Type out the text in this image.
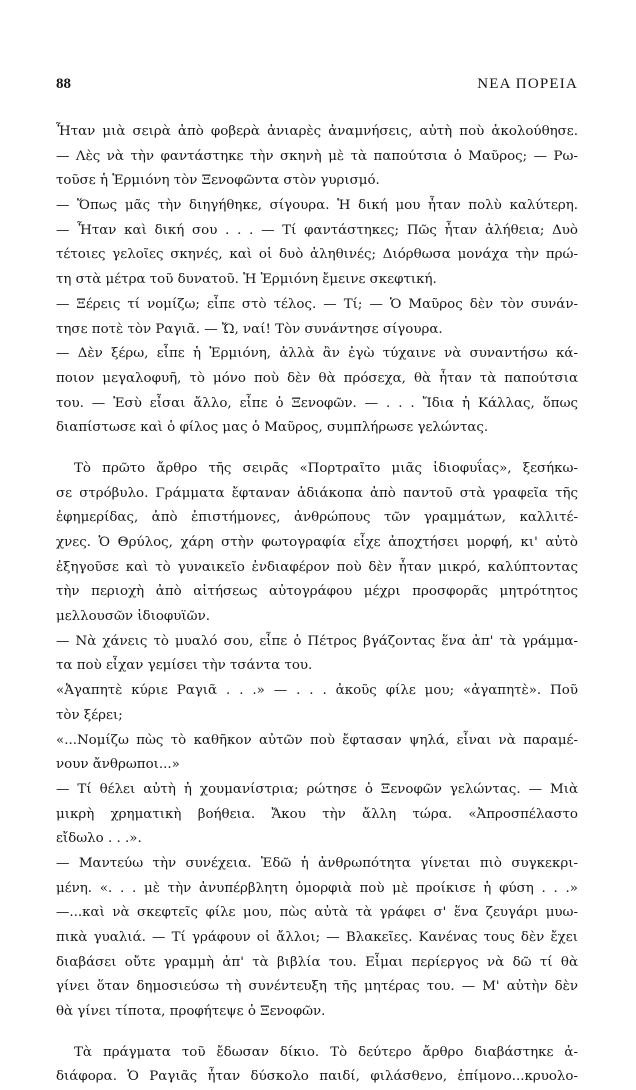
88	ΝΕΑ ΠΟΡΕΙΑ
Ἦταν μιὰ σειρὰ ἀπὸ φοβερὰ ἀνιαρὲς ἀναμνήσεις, αὐτὴ ποὺ ἀκολούθησε.
— Λὲς νὰ τὴν φαντάστηκε τὴν σκηνὴ μὲ τὰ παπούτσια ὁ Μαῦρος; — Ρω-
τοῦσε ἡ Ἑρμιόνη τὸν Ξενοφῶντα στὸν γυρισμό.
— Ὅπως μᾶς τὴν διηγήθηκε, σίγουρα. Ἡ δική μου ἦταν πολὺ καλύτερη.
— Ἦταν καὶ δική σου . . . — Τί φαντάστηκες; Πῶς ἦταν ἀλήθεια; Δυὸ
τέτοιες γελοῖες σκηνές, καὶ οἱ δυὸ ἀληθινές; Διόρθωσα μονάχα τὴν πρώ-
τη στὰ μέτρα τοῦ δυνατοῦ. Ἡ Ἑρμιόνη ἔμεινε σκεφτική.
— Ξέρεις τί νομίζω; εἶπε στὸ τέλος. — Τί; — Ὁ Μαῦρος δὲν τὸν συνάν-
τησε ποτὲ τὸν Ραγιᾶ. — Ὤ, ναί! Τὸν συνάντησε σίγουρα.
— Δὲν ξέρω, εἶπε ἡ Ἑρμιόνη, ἀλλὰ ἂν ἐγὼ τύχαινε νὰ συναντήσω κά-
ποιον μεγαλοφυῆ, τὸ μόνο ποὺ δὲν θὰ πρόσεχα, θὰ ἦταν τὰ παπούτσια
του. — Ἐσὺ εἶσαι ἄλλο, εἶπε ὁ Ξενοφῶν. — . . . Ἴδια ἡ Κάλλας, ὅπως
διαπίστωσε καὶ ὁ φίλος μας ὁ Μαῦρος, συμπλήρωσε γελώντας.
Τὸ πρῶτο ἄρθρο τῆς σειρᾶς «Πορτραῖτο μιᾶς ἰδιοφυΐας», ξεσήκω-
σε στρόβυλο. Γράμματα ἔφταναν ἀδιάκοπα ἀπὸ παντοῦ στὰ γραφεῖα τῆς
ἐφημερίδας, ἀπὸ ἐπιστήμονες, ἀνθρώπους τῶν γραμμάτων, καλλιτέ-
χνες. Ὁ Θρύλος, χάρη στὴν φωτογραφία εἶχε ἀποχτήσει μορφή, κι' αὐτὸ
ἐξηγοῦσε καὶ τὸ γυναικεῖο ἐνδιαφέρον ποὺ δὲν ἦταν μικρό, καλύπτοντας
τὴν περιοχὴ ἀπὸ αἰτήσεως αὐτογράφου μέχρι προσφορᾶς μητρότητος
μελλουσῶν ἰδιοφυϊῶν.
— Νὰ χάνεις τὸ μυαλό σου, εἶπε ὁ Πέτρος βγάζοντας ἕνα ἀπ' τὰ γράμμα-
τα ποὺ εἶχαν γεμίσει τὴν τσάντα του.
«Ἀγαπητὲ κύριε Ραγιᾶ . . .» — . . . ἀκοῦς φίλε μου; «ἀγαπητὲ». Ποῦ
τὸν ξέρει;
«...Νομίζω πὼς τὸ καθῆκον αὐτῶν ποὺ ἔφτασαν ψηλά, εἶναι νὰ παραμέ-
νουν ἄνθρωποι...»
— Τί θέλει αὐτὴ ἡ χουμανίστρια; ρώτησε ὁ Ξενοφῶν γελώντας. — Μιὰ
μικρὴ χρηματικὴ βοήθεια. Ἄκου τὴν ἄλλη τώρα. «Ἀπροσπέλαστο
εἴδωλο . . .».
— Μαντεύω τὴν συνέχεια. Ἐδῶ ἡ ἀνθρωπότητα γίνεται πιὸ συγκεκρι-
μένη. «. . . μὲ τὴν ἀνυπέρβλητη ὀμορφιὰ ποὺ μὲ προίκισε ἡ φύση . . .»
—...καὶ νὰ σκεφτεῖς φίλε μου, πὼς αὐτὰ τὰ γράφει σ' ἕνα ζευγάρι μυω-
πικὰ γυαλιά. — Τί γράφουν οἱ ἄλλοι; — Βλακεῖες. Κανένας τους δὲν ἔχει
διαβάσει οὔτε γραμμὴ ἀπ' τὰ βιβλία του. Εἶμαι περίεργος νὰ δῶ τί θὰ
γίνει ὅταν δημοσιεύσω τὴ συνέντευξη τῆς μητέρας του. — Μ' αὐτὴν δὲν
θὰ γίνει τίποτα, προφήτεψε ὁ Ξενοφῶν.
Τὰ πράγματα τοῦ ἔδωσαν δίκιο. Τὸ δεύτερο ἄρθρο διαβάστηκε ἀ-
διάφορα. Ὁ Ραγιᾶς ἦταν δύσκολο παιδί, φιλάσθενο, ἐπίμονο...κρυολο-
